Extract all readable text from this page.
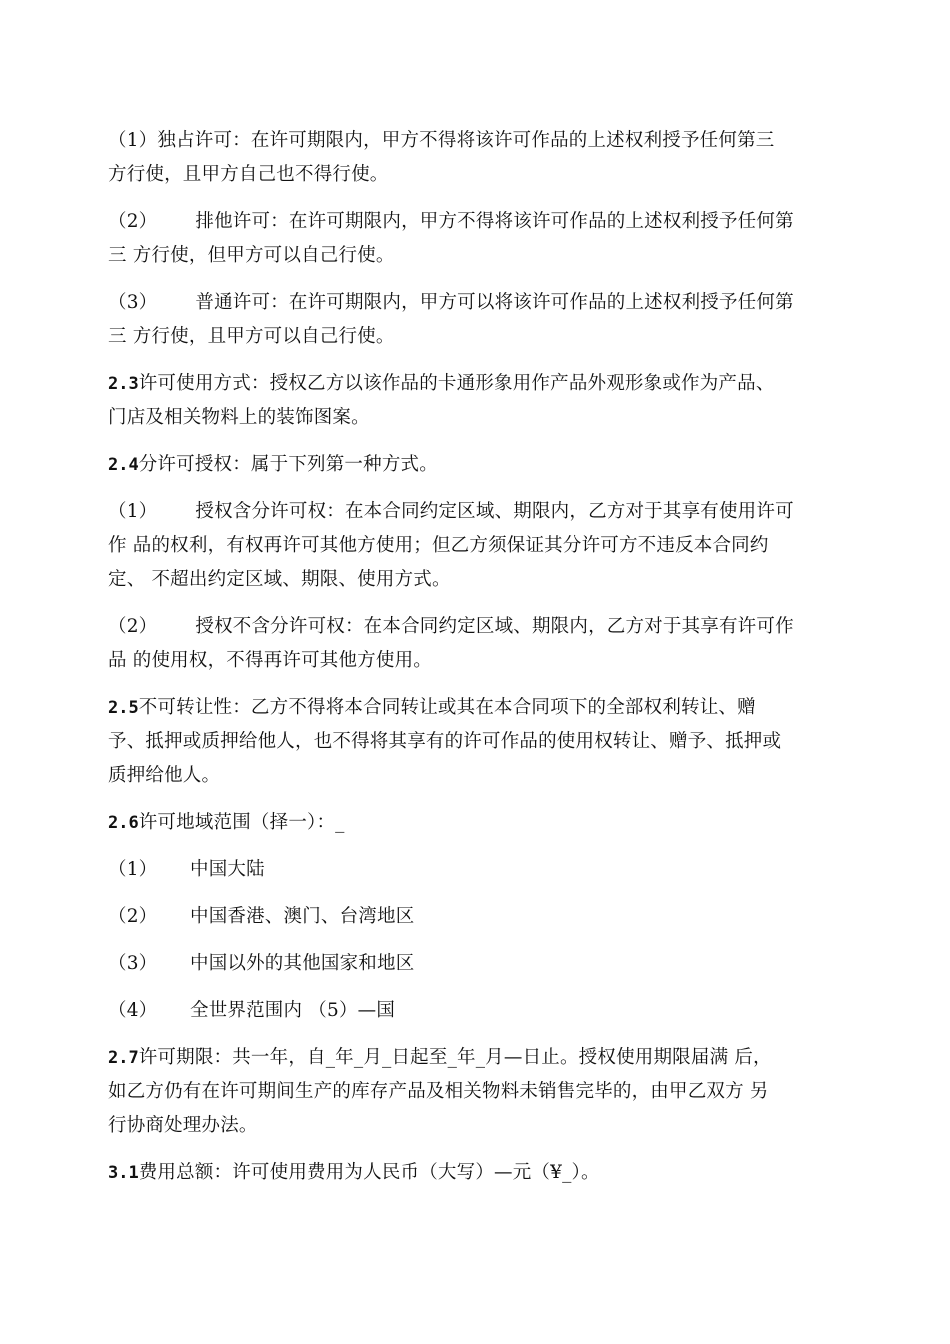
（1）独占许可：在许可期限内，甲方不得将该许可作品的上述权利授予任何第三
方行使，且甲方自己也不得行使。
（2） 排他许可：在许可期限内，甲方不得将该许可作品的上述权利授予任何第
三 方行使，但甲方可以自己行使。
（3） 普通许可：在许可期限内，甲方可以将该许可作品的上述权利授予任何第
三 方行使，且甲方可以自己行使。
2.3许可使用方式：授权乙方以该作品的卡通形象用作产品外观形象或作为产品、
门店及相关物料上的装饰图案。
2.4分许可授权：属于下列第一种方式。
（1） 授权含分许可权：在本合同约定区域、期限内，乙方对于其享有使用许可
作 品的权利，有权再许可其他方使用；但乙方须保证其分许可方不违反本合同约
定、 不超出约定区域、期限、使用方式。
（2） 授权不含分许可权：在本合同约定区域、期限内，乙方对于其享有许可作
品 的使用权，不得再许可其他方使用。
2.5不可转让性：乙方不得将本合同转让或其在本合同项下的全部权利转让、赠
予、抵押或质押给他人，也不得将其享有的许可作品的使用权转让、赠予、抵押或
质押给他人。
2.6许可地域范围（择一）：_
（1） 中国大陆
（2） 中国香港、澳门、台湾地区
（3） 中国以外的其他国家和地区
（4） 全世界范围内 （5）—国
2.7许可期限：共一年，自_年_月_日起至_年_月—日止。授权使用期限届满 后，
如乙方仍有在许可期间生产的库存产品及相关物料未销售完毕的，由甲乙双方 另
行协商处理办法。
3.1费用总额：许可使用费用为人民币（大写）—元（¥_）。
